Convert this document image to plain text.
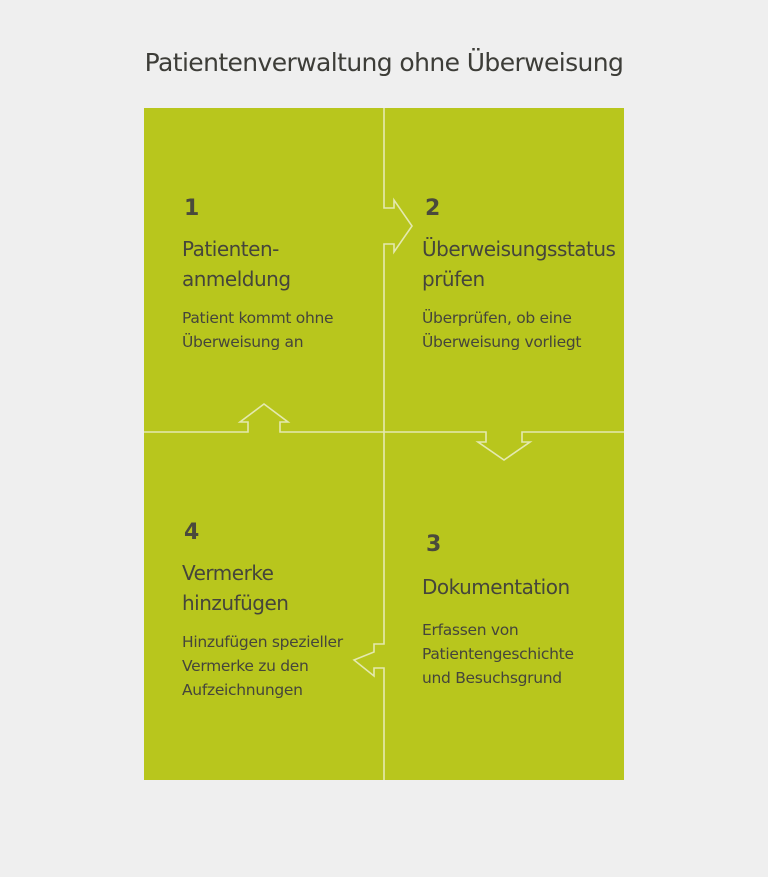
Patientenverwaltung ohne Überweisung
1
Patienten-
anmeldung
Patient kommt ohne
Überweisung an
2
Überweisungsstatus
prüfen
Überprüfen, ob eine
Überweisung vorliegt
4
Vermerke
hinzufügen
Hinzufügen spezieller
Vermerke zu den
Aufzeichnungen
3
Dokumentation
Erfassen von
Patientengeschichte
und Besuchsgrund
